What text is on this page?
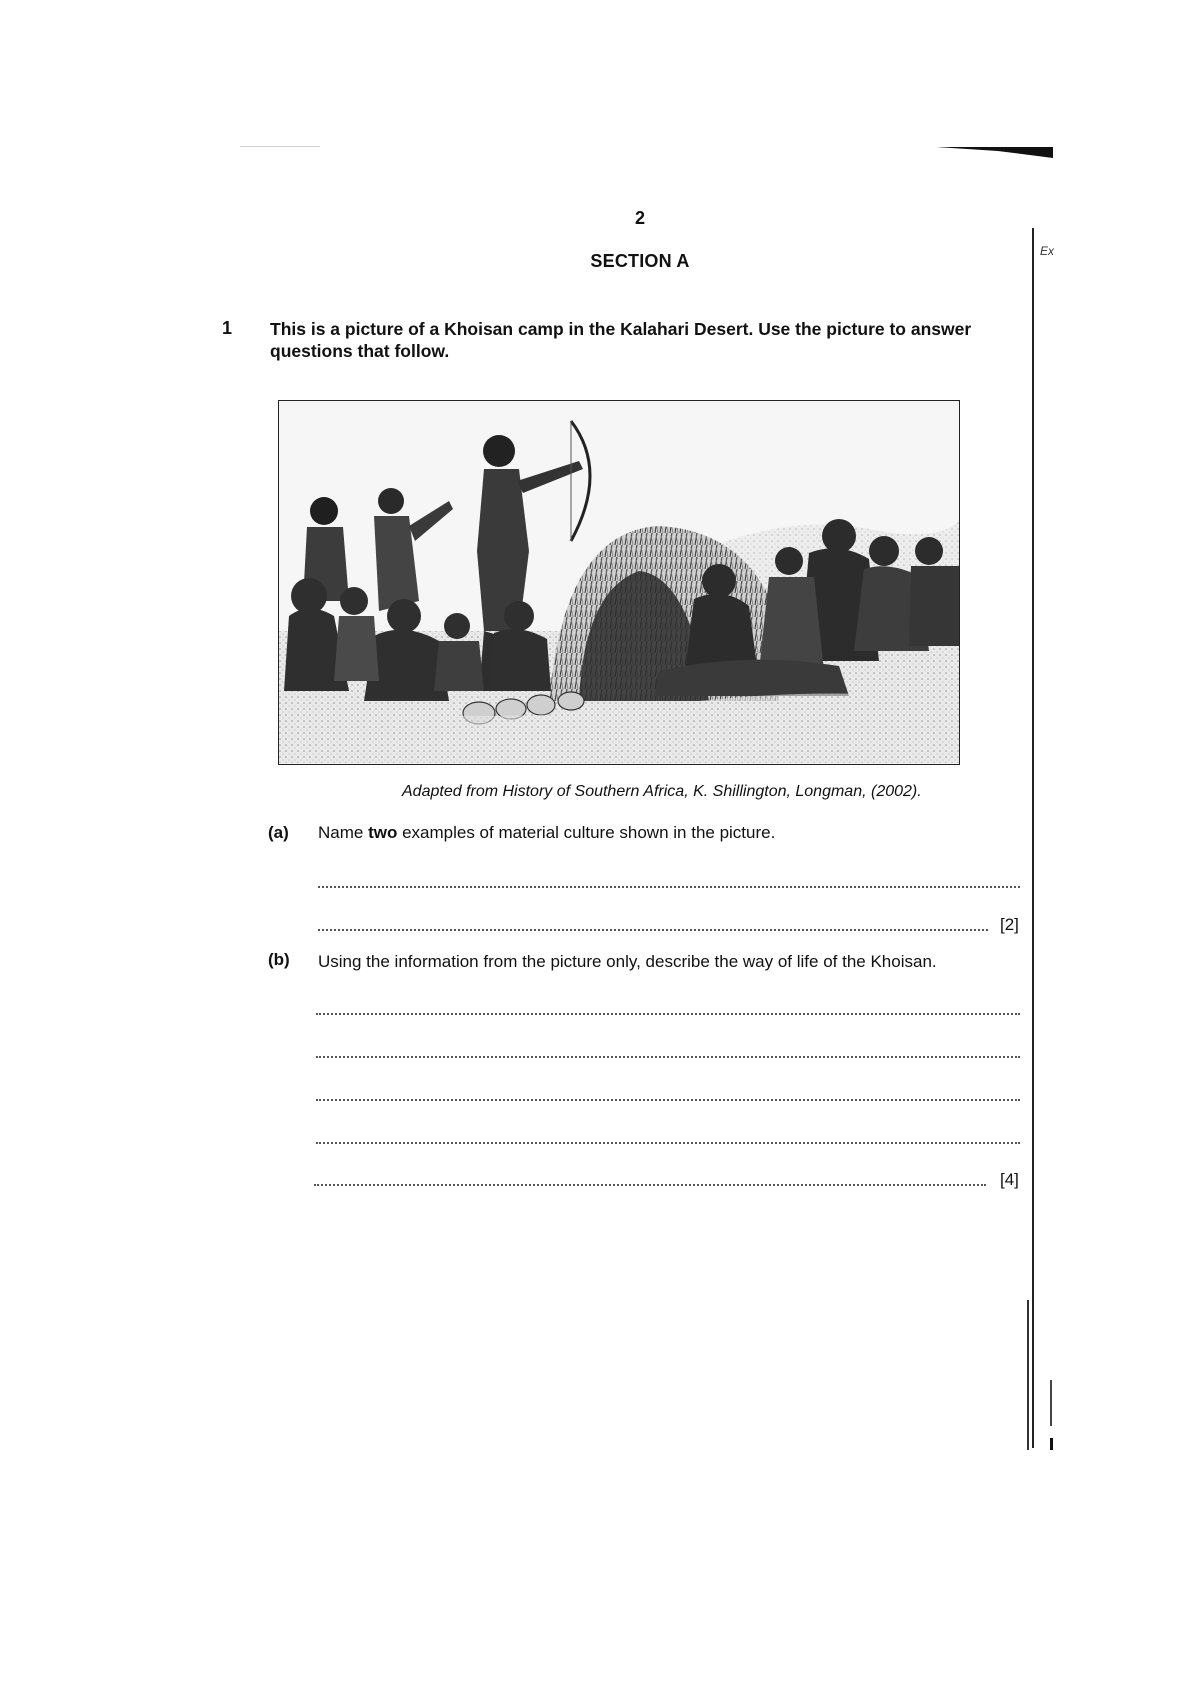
Ex
2
SECTION A
1 This is a picture of a Khoisan camp in the Kalahari Desert. Use the picture to answer questions that follow.
Adapted from History of Southern Africa, K. Shillington, Longman, (2002).
(a) Name two examples of material culture shown in the picture.
[2]
(b) Using the information from the picture only, describe the way of life of the Khoisan.
[4]
